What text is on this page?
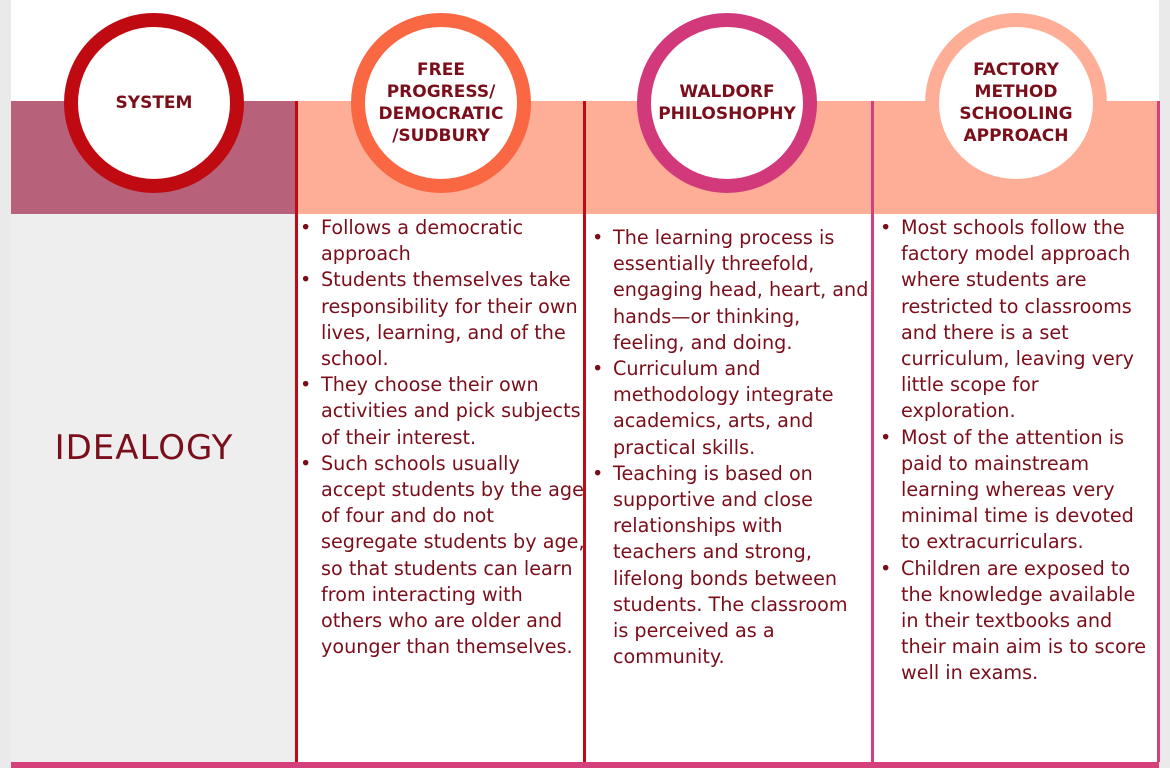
SYSTEM
FREE
PROGRESS/
DEMOCRATIC
/SUDBURY
WALDORF
PHILOSHOPHY
FACTORY
METHOD
SCHOOLING
APPROACH
IDEALOGY
• Follows a democratic approach
• Students themselves take responsibility for their own lives, learning, and of the school.
• They choose their own activities and pick subjects of their interest.
• Such schools usually accept students by the age of four and do not segregate students by age, so that students can learn from interacting with others who are older and younger than themselves.
• The learning process is essentially threefold, engaging head, heart, and hands—or thinking, feeling, and doing.
• Curriculum and methodology integrate academics, arts, and practical skills.
• Teaching is based on supportive and close relationships with teachers and strong, lifelong bonds between students. The classroom is perceived as a community.
• Most schools follow the factory model approach where students are restricted to classrooms and there is a set curriculum, leaving very little scope for exploration.
• Most of the attention is paid to mainstream learning whereas very minimal time is devoted to extracurriculars.
• Children are exposed to the knowledge available in their textbooks and their main aim is to score well in exams.
